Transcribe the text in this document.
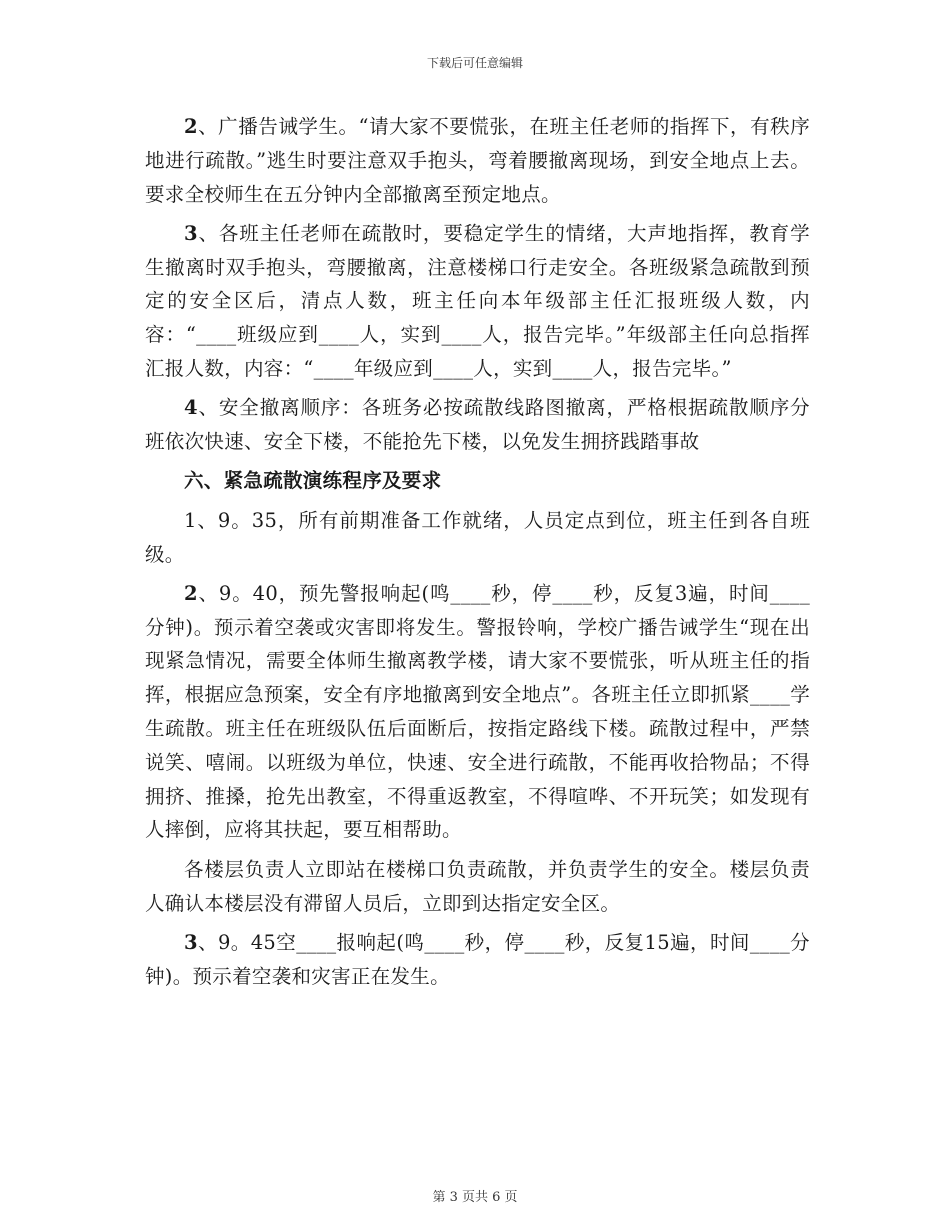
下载后可任意编辑

2、广播告诫学生。“请大家不要慌张，在班主任老师的指挥下，有秩序地进行疏散。”逃生时要注意双手抱头，弯着腰撤离现场，到安全地点上去。要求全校师生在五分钟内全部撤离至预定地点。

3、各班主任老师在疏散时，要稳定学生的情绪，大声地指挥，教育学生撤离时双手抱头，弯腰撤离，注意楼梯口行走安全。各班级紧急疏散到预定的安全区后，清点人数，班主任向本年级部主任汇报班级人数，内容：“____班级应到____人，实到____人，报告完毕。”年级部主任向总指挥汇报人数，内容：“____年级应到____人，实到____人，报告完毕。”

4、安全撤离顺序：各班务必按疏散线路图撤离，严格根据疏散顺序分班依次快速、安全下楼，不能抢先下楼，以免发生拥挤践踏事故

六、紧急疏散演练程序及要求

1、9。35，所有前期准备工作就绪，人员定点到位，班主任到各自班级。

2、9。40，预先警报响起(鸣____秒，停____秒，反复3遍，时间____分钟)。预示着空袭或灾害即将发生。警报铃响，学校广播告诫学生“现在出现紧急情况，需要全体师生撤离教学楼，请大家不要慌张，听从班主任的指挥，根据应急预案，安全有序地撤离到安全地点”。各班主任立即抓紧____学生疏散。班主任在班级队伍后面断后，按指定路线下楼。疏散过程中，严禁说笑、嘻闹。以班级为单位，快速、安全进行疏散，不能再收拾物品；不得拥挤、推搡，抢先出教室，不得重返教室，不得喧哗、不开玩笑；如发现有人摔倒，应将其扶起，要互相帮助。

各楼层负责人立即站在楼梯口负责疏散，并负责学生的安全。楼层负责人确认本楼层没有滞留人员后，立即到达指定安全区。

3、9。45空____报响起(鸣____秒，停____秒，反复15遍，时间____分钟)。预示着空袭和灾害正在发生。

第 3 页共 6 页
